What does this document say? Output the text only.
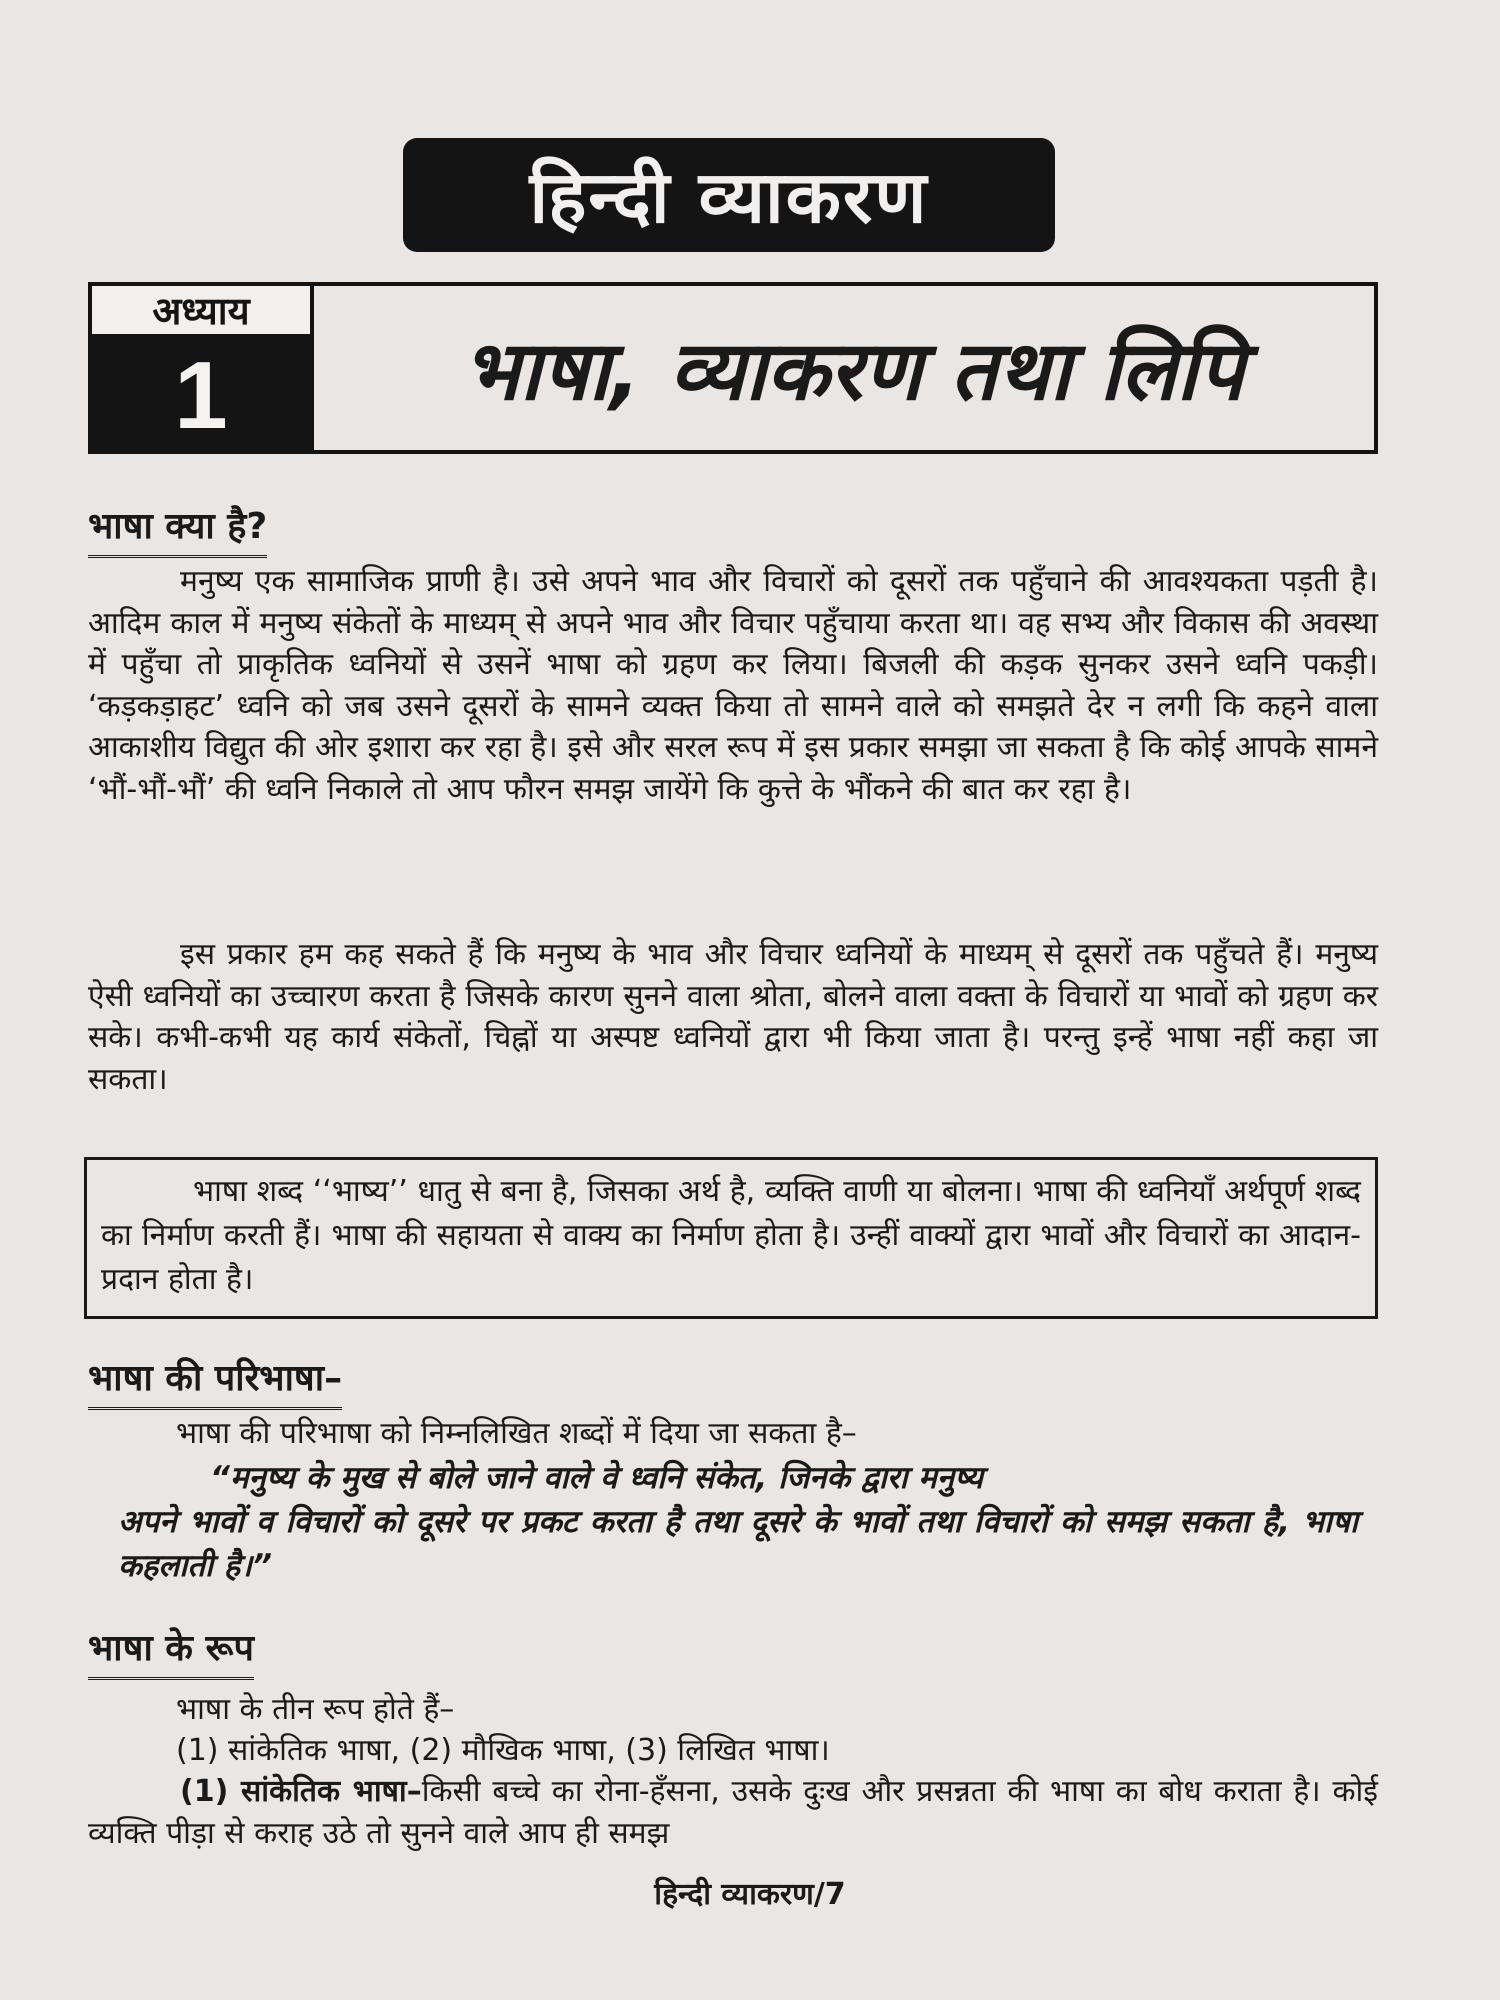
हिन्दी व्याकरण
अध्याय
1	भाषा, व्याकरण तथा लिपि
भाषा क्या है?

मनुष्य एक सामाजिक प्राणी है। उसे अपने भाव और विचारों को दूसरों तक पहुँचाने की आवश्यकता पड़ती है। आदिम काल में मनुष्य संकेतों के माध्यम् से अपने भाव और विचार पहुँचाया करता था। वह सभ्य और विकास की अवस्था में पहुँचा तो प्राकृतिक ध्वनियों से उसनें भाषा को ग्रहण कर लिया। बिजली की कड़क सुनकर उसने ध्वनि पकड़ी। ‘कड़कड़ाहट’ ध्वनि को जब उसने दूसरों के सामने व्यक्त किया तो सामने वाले को समझते देर न लगी कि कहने वाला आकाशीय विद्युत की ओर इशारा कर रहा है। इसे और सरल रूप में इस प्रकार समझा जा सकता है कि कोई आपके सामने ‘भौं-भौं-भौं’ की ध्वनि निकाले तो आप फौरन समझ जायेंगे कि कुत्ते के भौंकने की बात कर रहा है।

इस प्रकार हम कह सकते हैं कि मनुष्य के भाव और विचार ध्वनियों के माध्यम् से दूसरों तक पहुँचते हैं। मनुष्य ऐसी ध्वनियों का उच्चारण करता है जिसके कारण सुनने वाला श्रोता, बोलने वाला वक्ता के विचारों या भावों को ग्रहण कर सके। कभी-कभी यह कार्य संकेतों, चिह्नों या अस्पष्ट ध्वनियों द्वारा भी किया जाता है। परन्तु इन्हें भाषा नहीं कहा जा सकता।

भाषा शब्द ‘‘भाष्य’’ धातु से बना है, जिसका अर्थ है, व्यक्ति वाणी या बोलना। भाषा की ध्वनियाँ अर्थपूर्ण शब्द का निर्माण करती हैं। भाषा की सहायता से वाक्य का निर्माण होता है। उन्हीं वाक्यों द्वारा भावों और विचारों का आदान-प्रदान होता है।

भाषा की परिभाषा–

भाषा की परिभाषा को निम्नलिखित शब्दों में दिया जा सकता है–

“मनुष्य के मुख से बोले जाने वाले वे ध्वनि संकेत, जिनके द्वारा मनुष्य
अपने भावों व विचारों को दूसरे पर प्रकट करता है तथा दूसरे के भावों तथा विचारों को समझ सकता है, भाषा कहलाती है।”

भाषा के रूप

भाषा के तीन रूप होते हैं–

(1) सांकेतिक भाषा, (2) मौखिक भाषा, (3) लिखित भाषा।

(1) सांकेतिक भाषा–किसी बच्चे का रोना-हँसना, उसके दुःख और प्रसन्नता की भाषा का बोध कराता है। कोई व्यक्ति पीड़ा से कराह उठे तो सुनने वाले आप ही समझ

हिन्दी व्याकरण/7
